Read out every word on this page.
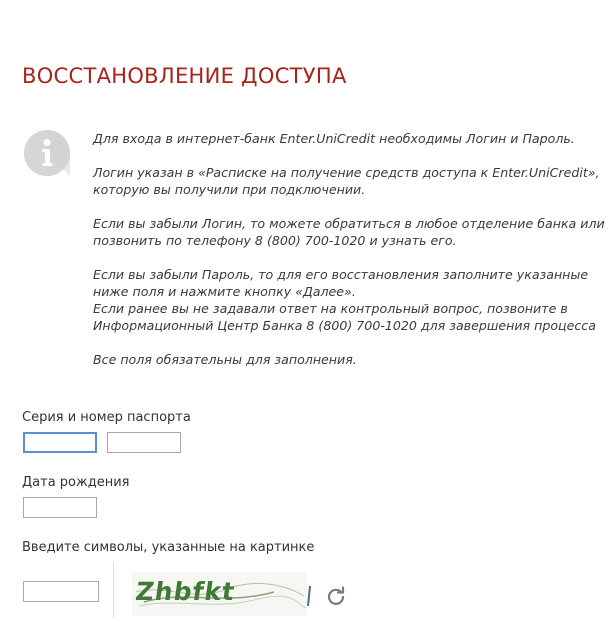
ВОССТАНОВЛЕНИЕ ДОСТУПА

Для входа в интернет-банк Enter.UniCredit необходимы Логин и Пароль.

Логин указан в «Расписке на получение средств доступа к Enter.UniCredit», которую вы получили при подключении.

Если вы забыли Логин, то можете обратиться в любое отделение банка или позвонить по телефону 8 (800) 700-1020 и узнать его.

Если вы забыли Пароль, то для его восстановления заполните указанные ниже поля и нажмите кнопку «Далее».

Если ранее вы не задавали ответ на контрольный вопрос, позвоните в Информационный Центр Банка 8 (800) 700-1020 для завершения процесса

Все поля обязательны для заполнения.

Серия и номер паспорта
Дата рождения
Введите символы, указанные на картинке
Zhbfkt
